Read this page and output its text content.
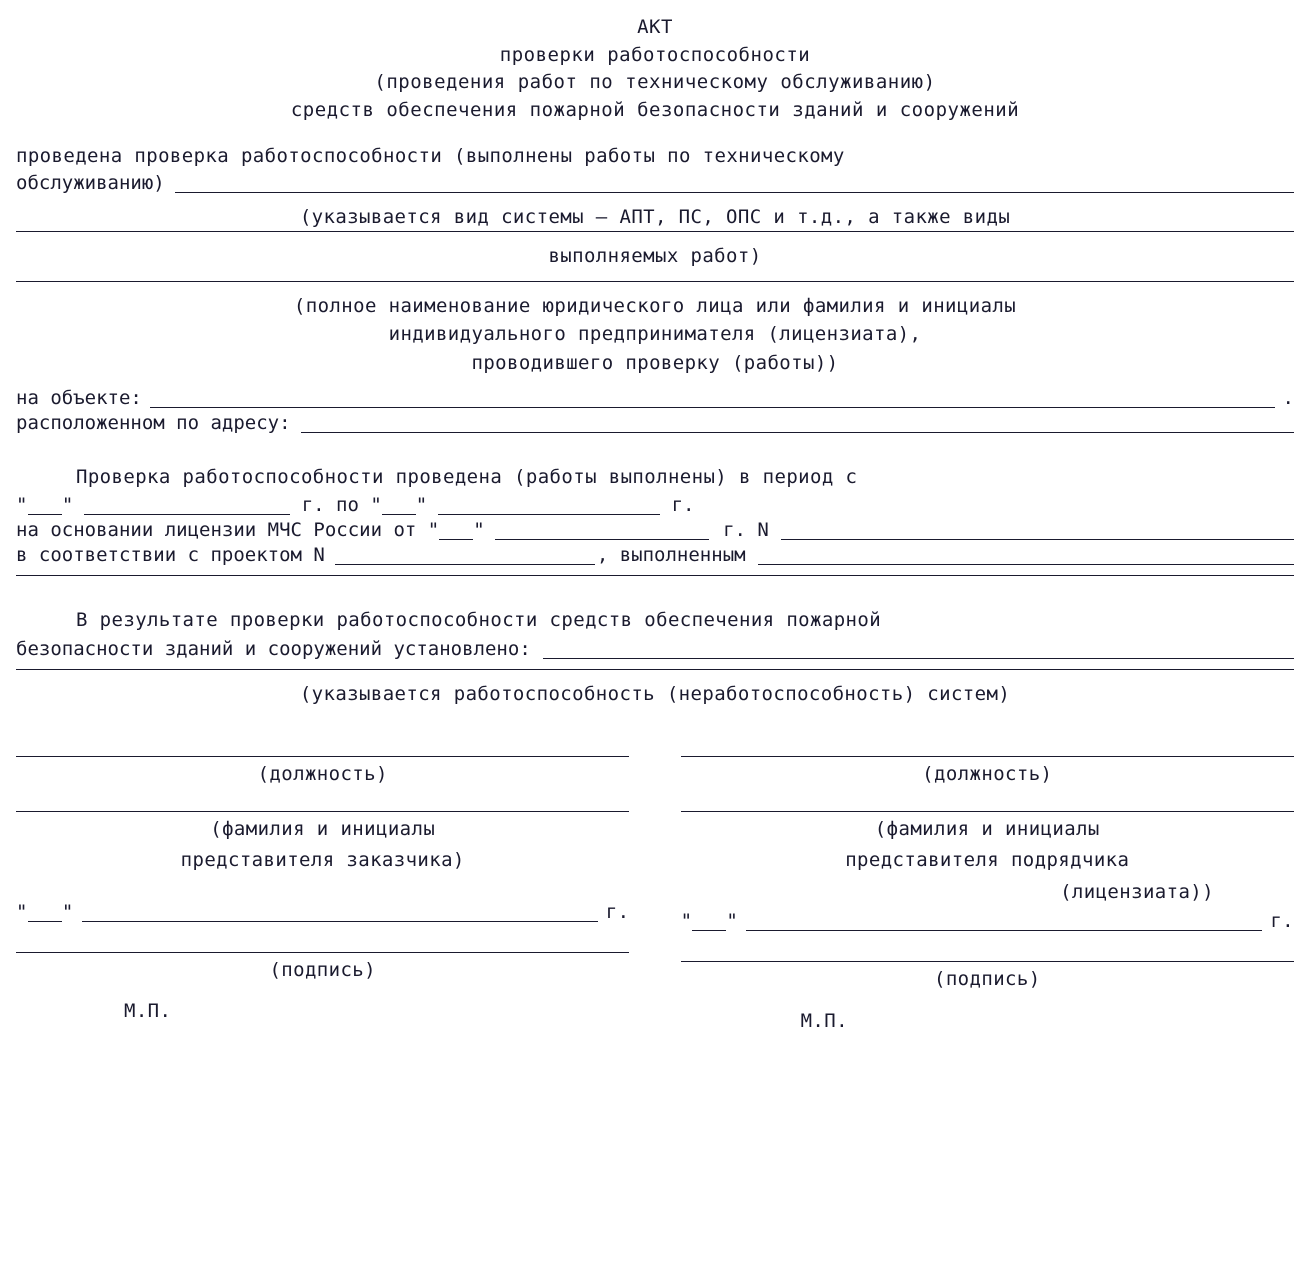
АКТ
проверки работоспособности
(проведения работ по техническому обслуживанию)
средств обеспечения пожарной безопасности зданий и сооружений
проведена проверка работоспособности (выполнены работы по техническому
обслуживанию)
(указывается вид системы – АПТ, ПС, ОПС и т.д., а также виды
выполняемых работ)
(полное наименование юридического лица или фамилия и инициалы
индивидуального предпринимателя (лицензиата),
проводившего проверку (работы))
на объекте:	.
расположенном по адресу:
Проверка работоспособности проведена (работы выполнены) в период с
" "	г. по " "	г.
на основании лицензии МЧС России от " "	г. N
в соответствии с проектом N	, выполненным
В результате проверки работоспособности средств обеспечения пожарной
безопасности зданий и сооружений установлено:
(указывается работоспособность (неработоспособность) систем)
(должность)
(фамилия и инициалы
представителя заказчика)
" "	г.
(подпись)
М.П.
(должность)
(фамилия и инициалы
представителя подрядчика
(лицензиата))
" "	г.
(подпись)
М.П.
